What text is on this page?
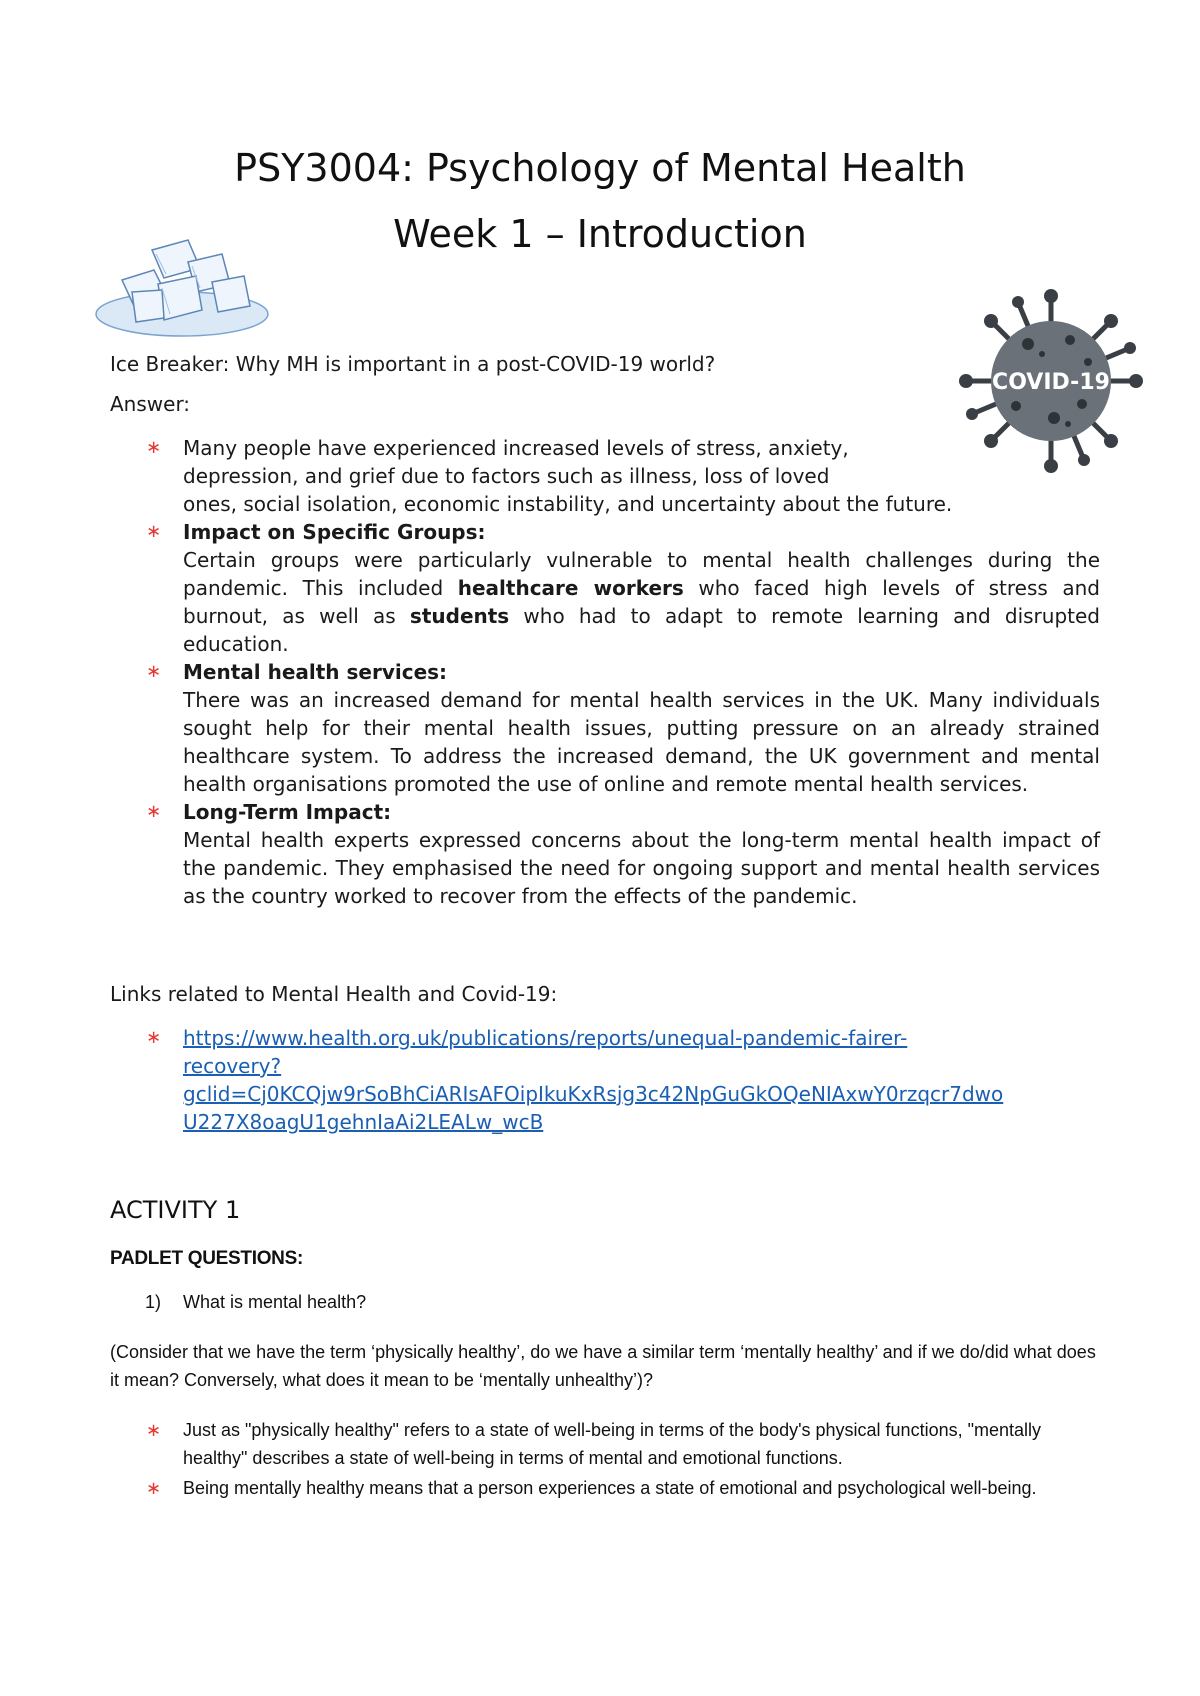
PSY3004: Psychology of Mental Health
Week 1 – Introduction
COVID-19
Ice Breaker: Why MH is important in a post-COVID-19 world?
Answer:
∗ Many people have experienced increased levels of stress, anxiety,
depression, and grief due to factors such as illness, loss of loved
ones, social isolation, economic instability, and uncertainty about the future.
∗ Impact on Specific Groups:
Certain groups were particularly vulnerable to mental health challenges during the pandemic. This included healthcare workers who faced high levels of stress and burnout, as well as students who had to adapt to remote learning and disrupted education.
∗ Mental health services:
There was an increased demand for mental health services in the UK. Many individuals sought help for their mental health issues, putting pressure on an already strained healthcare system. To address the increased demand, the UK government and mental health organisations promoted the use of online and remote mental health services.
∗ Long-Term Impact:
Mental health experts expressed concerns about the long-term mental health impact of the pandemic. They emphasised the need for ongoing support and mental health services as the country worked to recover from the effects of the pandemic.
Links related to Mental Health and Covid-19:
∗ https://www.health.org.uk/publications/reports/unequal-pandemic-fairer-
recovery?
gclid=Cj0KCQjw9rSoBhCiARIsAFOipIkuKxRsjg3c42NpGuGkOQeNIAxwY0rzqcr7dwo
U227X8oagU1gehnIaAi2LEALw_wcB
ACTIVITY 1
PADLET QUESTIONS:
1) What is mental health?
(Consider that we have the term ‘physically healthy’, do we have a similar term ‘mentally healthy’ and if we do/did what does it mean? Conversely, what does it mean to be ‘mentally unhealthy’)?
∗ Just as "physically healthy" refers to a state of well-being in terms of the body's physical functions, "mentally healthy" describes a state of well-being in terms of mental and emotional functions.
∗ Being mentally healthy means that a person experiences a state of emotional and psychological well-being.
